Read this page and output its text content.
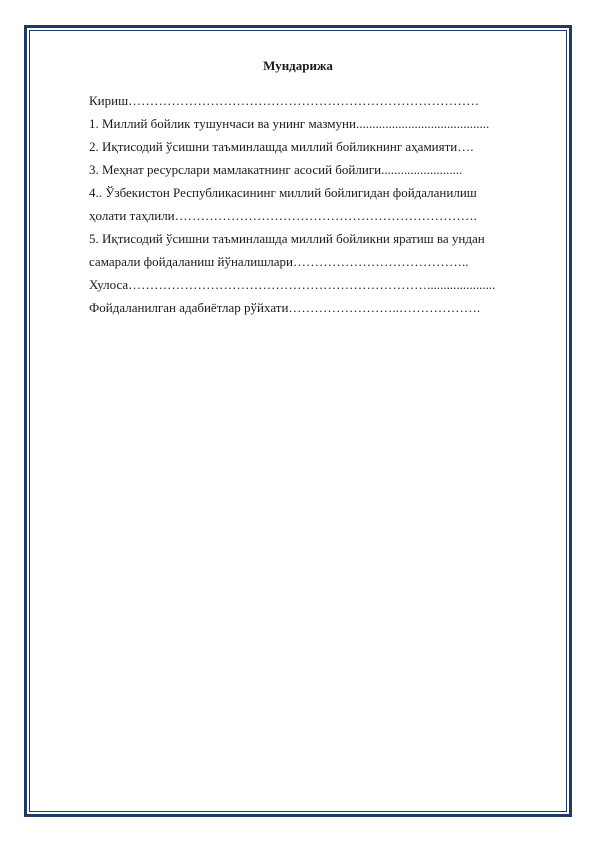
Мундарижа
Кириш………………………………………………………………………
1. Миллий бойлик тушунчаси ва унинг мазмуни.........................................
2. Иқтисодий ўсишни таъминлашда миллий бойликнинг аҳамияти….
3. Меҳнат ресурслари мамлакатнинг асосий бойлиги.........................
4.. Ўзбекистон Республикасининг миллий бойлигидан фойдаланилиш
ҳолати таҳлили…………………………………………………………….
5. Иқтисодий ўсишни таъминлашда миллий бойликни яратиш ва ундан
самарали фойдаланиш йўналишлари…………………………………..
Хулоса…………………………………………………………….....................
Фойдаланилган адабиётлар рўйхати……………………..……………….
